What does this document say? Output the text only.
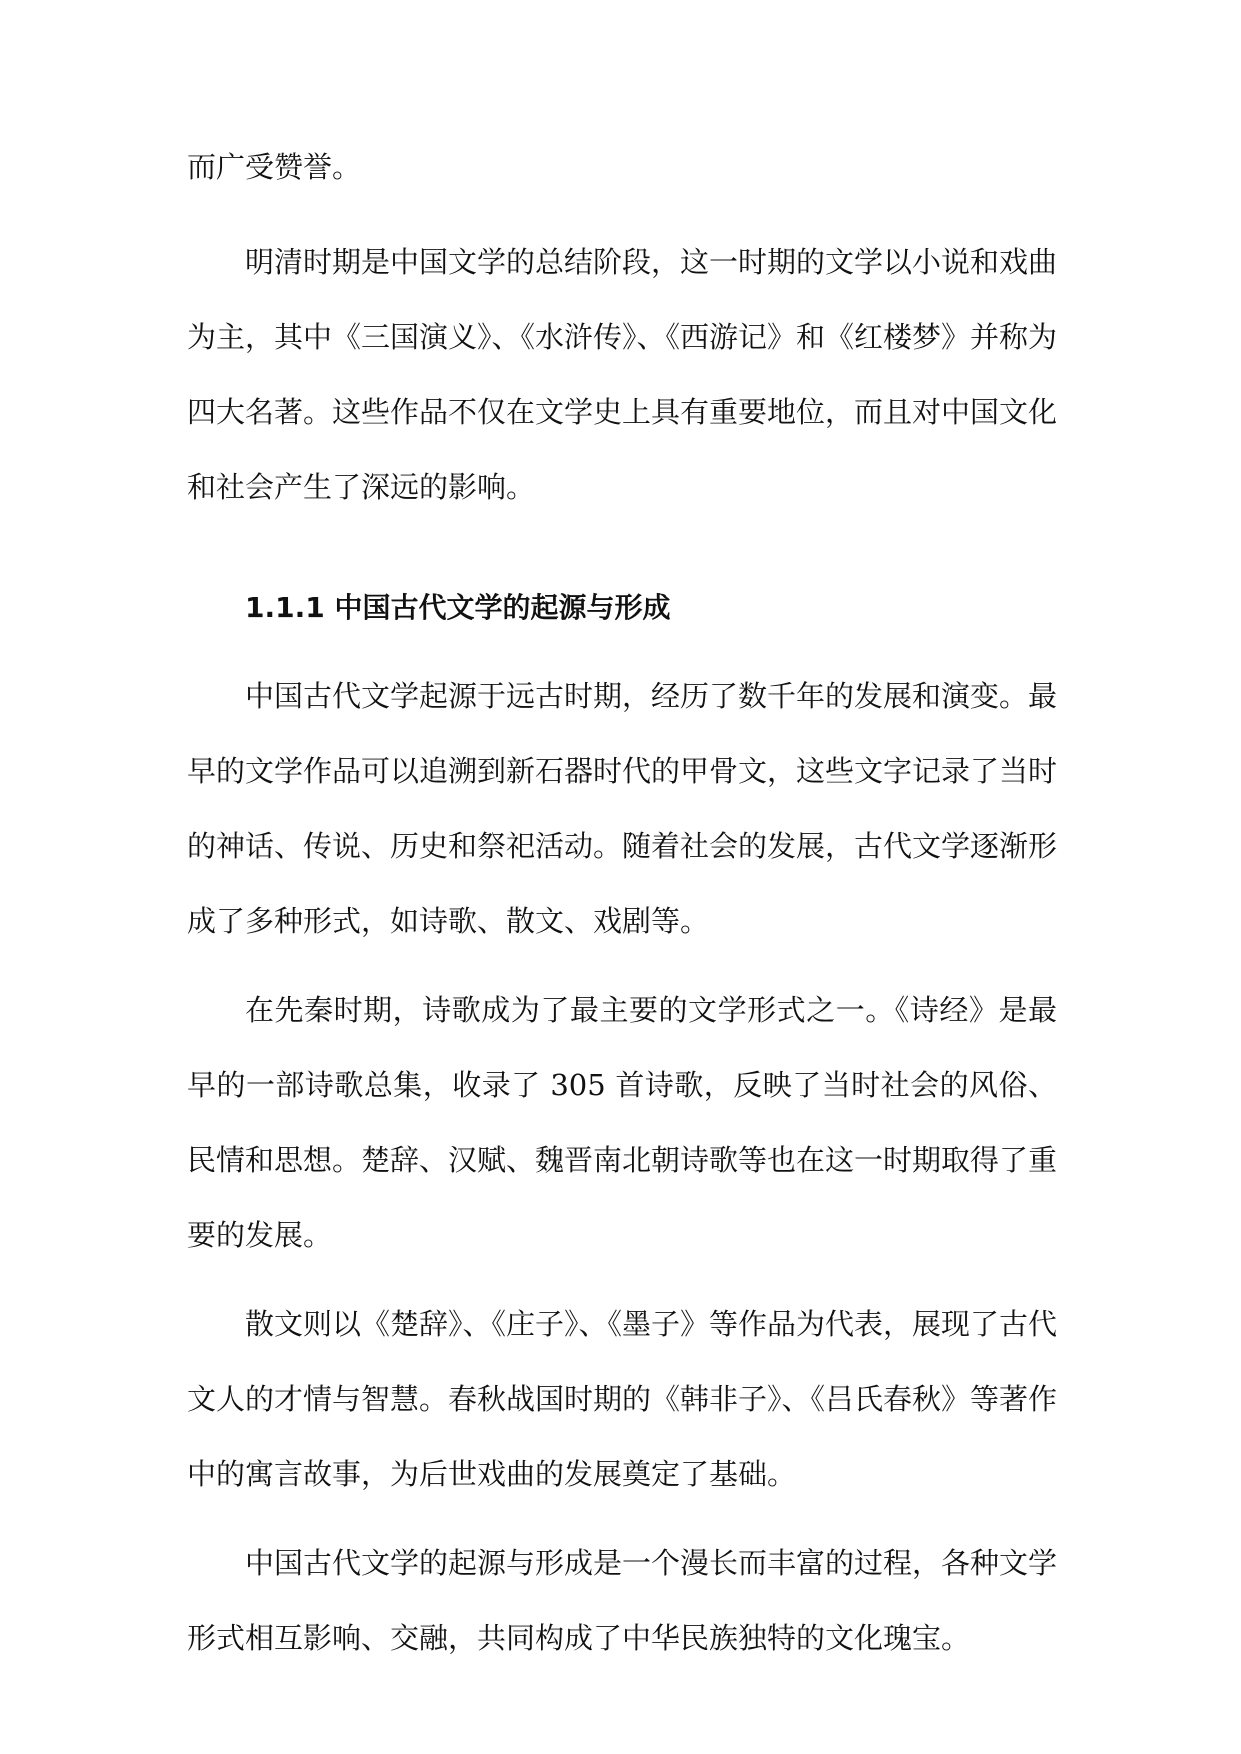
而广受赞誉。

明清时期是中国文学的总结阶段，这一时期的文学以小说和戏曲为主，其中《三国演义》、《水浒传》、《西游记》和《红楼梦》并称为四大名著。这些作品不仅在文学史上具有重要地位，而且对中国文化和社会产生了深远的影响。

1.1.1 中国古代文学的起源与形成

中国古代文学起源于远古时期，经历了数千年的发展和演变。最早的文学作品可以追溯到新石器时代的甲骨文，这些文字记录了当时的神话、传说、历史和祭祀活动。随着社会的发展，古代文学逐渐形成了多种形式，如诗歌、散文、戏剧等。

在先秦时期，诗歌成为了最主要的文学形式之一。《诗经》是最早的一部诗歌总集，收录了 305 首诗歌，反映了当时社会的风俗、民情和思想。楚辞、汉赋、魏晋南北朝诗歌等也在这一时期取得了重要的发展。

散文则以《楚辞》、《庄子》、《墨子》等作品为代表，展现了古代文人的才情与智慧。春秋战国时期的《韩非子》、《吕氏春秋》等著作中的寓言故事，为后世戏曲的发展奠定了基础。

中国古代文学的起源与形成是一个漫长而丰富的过程，各种文学形式相互影响、交融，共同构成了中华民族独特的文化瑰宝。
